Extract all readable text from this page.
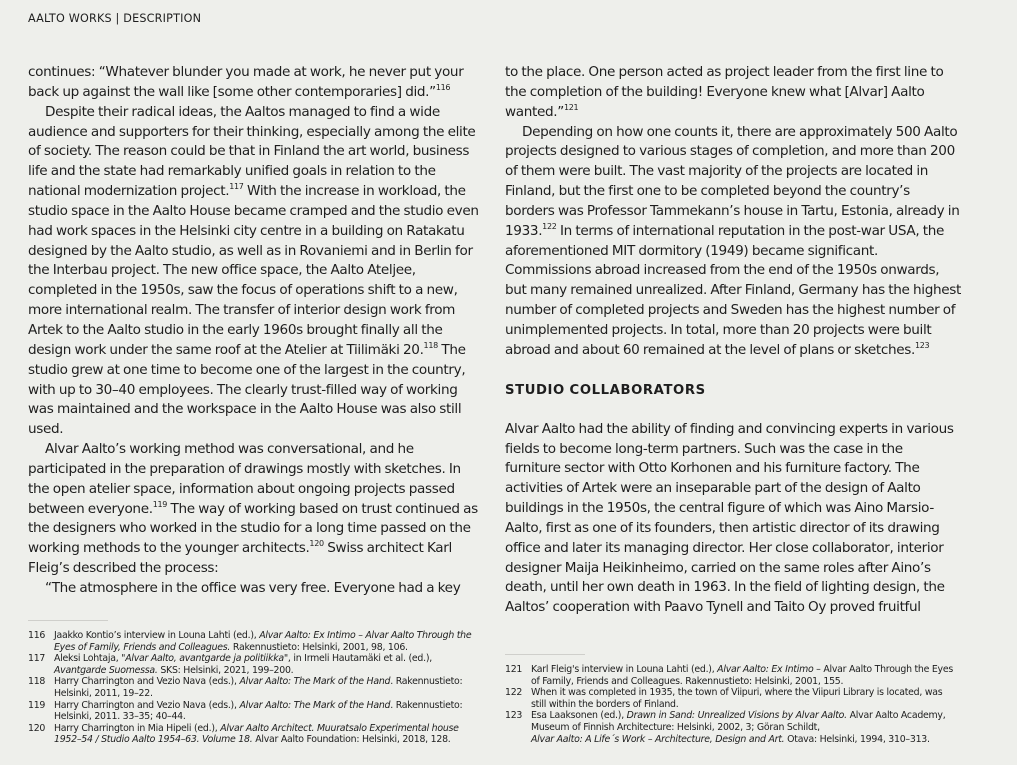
AALTO WORKS | DESCRIPTION

continues: “Whatever blunder you made at work, he never put your back up against the wall like [some other contemporaries] did.”$^{116}$

Despite their radical ideas, the Aaltos managed to find a wide audience and supporters for their thinking, especially among the elite of society. The reason could be that in Finland the art world, business life and the state had remarkably unified goals in relation to the national modernization project.$^{117}$ With the increase in workload, the studio space in the Aalto House became cramped and the studio even had work spaces in the Helsinki city centre in a building on Ratakatu designed by the Aalto studio, as well as in Rovaniemi and in Berlin for the Interbau project. The new office space, the Aalto Ateljee, completed in the 1950s, saw the focus of operations shift to a new, more international realm. The transfer of interior design work from Artek to the Aalto studio in the early 1960s brought finally all the design work under the same roof at the Atelier at Tiilimäki 20.$^{118}$ The studio grew at one time to become one of the largest in the country, with up to 30–40 employees. The clearly trust-filled way of working was maintained and the workspace in the Aalto House was also still used.

Alvar Aalto’s working method was conversational, and he participated in the preparation of drawings mostly with sketches. In the open atelier space, information about ongoing projects passed between everyone.$^{119}$ The way of working based on trust continued as the designers who worked in the studio for a long time passed on the working methods to the younger architects.$^{120}$ Swiss architect Karl Fleig’s described the process:

“The atmosphere in the office was very free. Everyone had a key

to the place. One person acted as project leader from the first line to the completion of the building! Everyone knew what [Alvar] Aalto wanted.”$^{121}$

Depending on how one counts it, there are approximately 500 Aalto projects designed to various stages of completion, and more than 200 of them were built. The vast majority of the projects are located in Finland, but the first one to be completed beyond the country’s borders was Professor Tammekann’s house in Tartu, Estonia, already in 1933.$^{122}$ In terms of international reputation in the post-war USA, the aforementioned MIT dormitory (1949) became significant. Commissions abroad increased from the end of the 1950s onwards, but many remained unrealized. After Finland, Germany has the highest number of completed projects and Sweden has the highest number of unimplemented projects. In total, more than 20 projects were built abroad and about 60 remained at the level of plans or sketches.$^{123}$

STUDIO COLLABORATORS

Alvar Aalto had the ability of finding and convincing experts in various fields to become long-term partners. Such was the case in the furniture sector with Otto Korhonen and his furniture factory. The activities of Artek were an inseparable part of the design of Aalto buildings in the 1950s, the central figure of which was Aino Marsio-Aalto, first as one of its founders, then artistic director of its drawing office and later its managing director. Her close collaborator, interior designer Maija Heikinheimo, carried on the same roles after Aino’s death, until her own death in 1963. In the field of lighting design, the Aaltos’ cooperation with Paavo Tynell and Taito Oy proved fruitful

116 Jaakko Kontio’s interview in Louna Lahti (ed.), Alvar Aalto: Ex Intimo – Alvar Aalto Through the Eyes of Family, Friends and Colleagues. Rakennustieto: Helsinki, 2001, 98, 106.
117 Aleksi Lohtaja, "Alvar Aalto, avantgarde ja politiikka", in Irmeli Hautamäki et al. (ed.), Avantgarde Suomessa. SKS: Helsinki, 2021, 199–200.
118 Harry Charrington and Vezio Nava (eds.), Alvar Aalto: The Mark of the Hand. Rakennustieto: Helsinki, 2011, 19–22.
119 Harry Charrington and Vezio Nava (eds.), Alvar Aalto: The Mark of the Hand. Rakennustieto: Helsinki, 2011. 33–35; 40–44.
120 Harry Charrington in Mia Hipeli (ed.), Alvar Aalto Architect. Muuratsalo Experimental house 1952–54 / Studio Aalto 1954–63. Volume 18. Alvar Aalto Foundation: Helsinki, 2018, 128.
121 Karl Fleig's interview in Louna Lahti (ed.), Alvar Aalto: Ex Intimo – Alvar Aalto Through the Eyes of Family, Friends and Colleagues. Rakennustieto: Helsinki, 2001, 155.
122 When it was completed in 1935, the town of Viipuri, where the Viipuri Library is located, was still within the borders of Finland.
123 Esa Laaksonen (ed.), Drawn in Sand: Unrealized Visions by Alvar Aalto. Alvar Aalto Academy, Museum of Finnish Architecture: Helsinki, 2002, 3; Göran Schildt,
Alvar Aalto: A Life´s Work – Architecture, Design and Art. Otava: Helsinki, 1994, 310–313.
